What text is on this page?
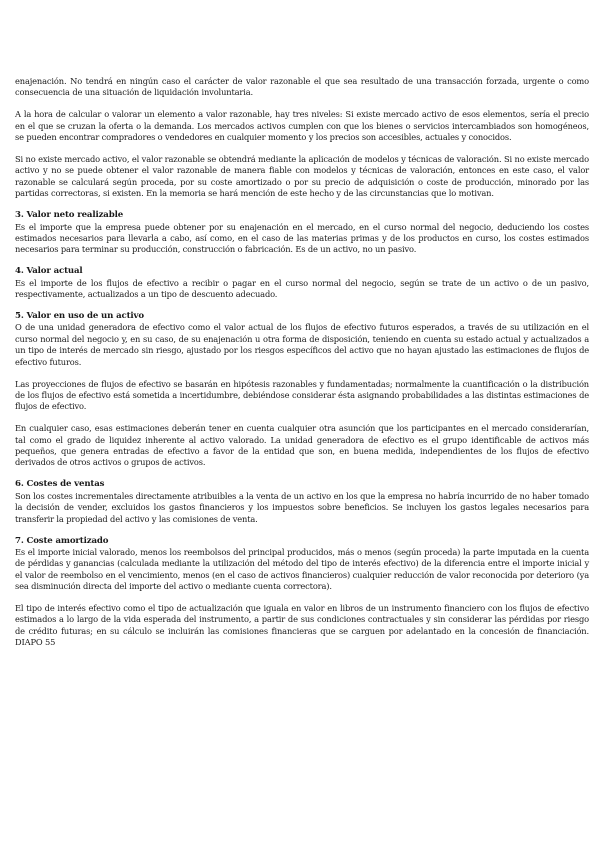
enajenación. No tendrá en ningún caso el carácter de valor razonable el que sea resultado de una transacción forzada, urgente o como consecuencia de una situación de liquidación involuntaria.

A la hora de calcular o valorar un elemento a valor razonable, hay tres niveles: Si existe mercado activo de esos elementos, sería el precio en el que se cruzan la oferta o la demanda. Los mercados activos cumplen con que los bienes o servicios intercambiados son homogéneos, se pueden encontrar compradores o vendedores en cualquier momento y los precios son accesibles, actuales y conocidos.

Si no existe mercado activo, el valor razonable se obtendrá mediante la aplicación de modelos y técnicas de valoración. Si no existe mercado activo y no se puede obtener el valor razonable de manera fiable con modelos y técnicas de valoración, entonces en este caso, el valor razonable se calculará según proceda, por su coste amortizado o por su precio de adquisición o coste de producción, minorado por las partidas correctoras, si existen. En la memoria se hará mención de este hecho y de las circunstancias que lo motivan.

3. Valor neto realizable

Es el importe que la empresa puede obtener por su enajenación en el mercado, en el curso normal del negocio, deduciendo los costes estimados necesarios para llevarla a cabo, así como, en el caso de las materias primas y de los productos en curso, los costes estimados necesarios para terminar su producción, construcción o fabricación. Es de un activo, no un pasivo.

4. Valor actual

Es el importe de los flujos de efectivo a recibir o pagar en el curso normal del negocio, según se trate de un activo o de un pasivo, respectivamente, actualizados a un tipo de descuento adecuado.

5. Valor en uso de un activo

O de una unidad generadora de efectivo como el valor actual de los flujos de efectivo futuros esperados, a través de su utilización en el curso normal del negocio y, en su caso, de su enajenación u otra forma de disposición, teniendo en cuenta su estado actual y actualizados a un tipo de interés de mercado sin riesgo, ajustado por los riesgos específicos del activo que no hayan ajustado las estimaciones de flujos de efectivo futuros.

Las proyecciones de flujos de efectivo se basarán en hipótesis razonables y fundamentadas; normalmente la cuantificación o la distribución de los flujos de efectivo está sometida a incertidumbre, debiéndose considerar ésta asignando probabilidades a las distintas estimaciones de flujos de efectivo.

En cualquier caso, esas estimaciones deberán tener en cuenta cualquier otra asunción que los participantes en el mercado considerarían, tal como el grado de liquidez inherente al activo valorado. La unidad generadora de efectivo es el grupo identificable de activos más pequeños, que genera entradas de efectivo a favor de la entidad que son, en buena medida, independientes de los flujos de efectivo derivados de otros activos o grupos de activos.

6. Costes de ventas

Son los costes incrementales directamente atribuibles a la venta de un activo en los que la empresa no habría incurrido de no haber tomado la decisión de vender, excluidos los gastos financieros y los impuestos sobre beneficios. Se incluyen los gastos legales necesarios para transferir la propiedad del activo y las comisiones de venta.

7. Coste amortizado

Es el importe inicial valorado, menos los reembolsos del principal producidos, más o menos (según proceda) la parte imputada en la cuenta de pérdidas y ganancias (calculada mediante la utilización del método del tipo de interés efectivo) de la diferencia entre el importe inicial y el valor de reembolso en el vencimiento, menos (en el caso de activos financieros) cualquier reducción de valor reconocida por deterioro (ya sea disminución directa del importe del activo o mediante cuenta correctora).

El tipo de interés efectivo como el tipo de actualización que iguala en valor en libros de un instrumento financiero con los flujos de efectivo estimados a lo largo de la vida esperada del instrumento, a partir de sus condiciones contractuales y sin considerar las pérdidas por riesgo de crédito futuras; en su cálculo se incluirán las comisiones financieras que se carguen por adelantado en la concesión de financiación. DIAPO 55
